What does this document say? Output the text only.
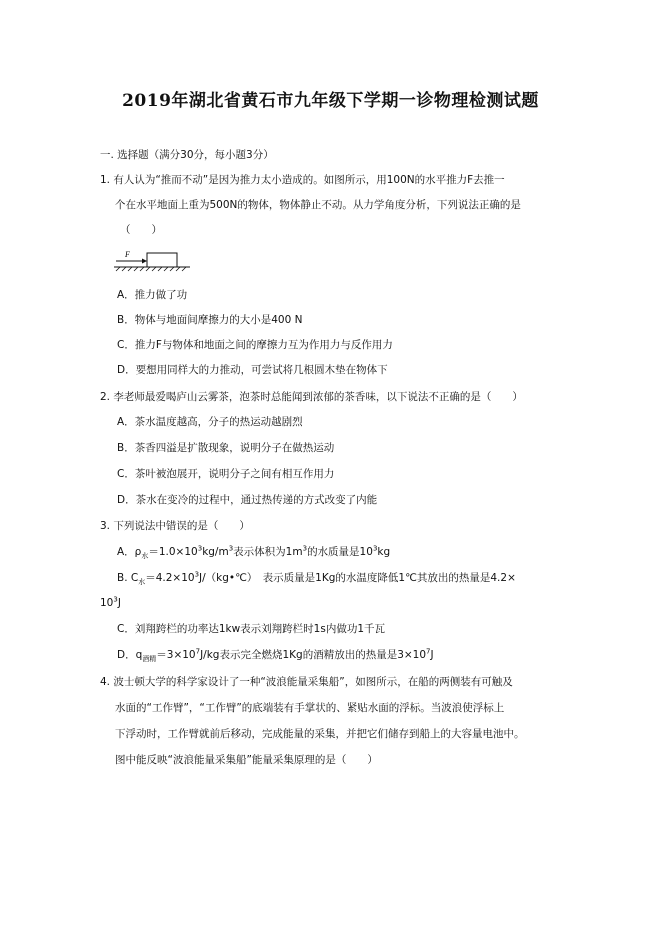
2019年湖北省黄石市九年级下学期一诊物理检测试题
一. 选择题（满分30分，每小题3分）
1. 有人认为“推而不动”是因为推力太小造成的。如图所示，用100N的水平推力F去推一
个在水平地面上重为500N的物体，物体静止不动。从力学角度分析，下列说法正确的是
（　　）
F
A．推力做了功
B．物体与地面间摩擦力的大小是400 N
C．推力F与物体和地面之间的摩擦力互为作用力与反作用力
D．要想用同样大的力推动，可尝试将几根圆木垫在物体下
2. 李老师最爱喝庐山云雾茶，泡茶时总能闻到浓郁的茶香味，以下说法不正确的是（　　）
A．茶水温度越高，分子的热运动越剧烈
B．茶香四溢是扩散现象，说明分子在做热运动
C．茶叶被泡展开，说明分子之间有相互作用力
D．茶水在变冷的过程中，通过热传递的方式改变了内能
3. 下列说法中错误的是（　　）
A．$\rho_水=1.0\times 10^3kg/m^3$表示体积为$1m^3$的水质量是$10^3kg$
B. $C_水=4.2\times 10^3J/(kg•℃)$　表示质量是1Kg的水温度降低1℃其放出的热量是4.2×
$10^3J$
C．刘翔跨栏的功率达1kw表示刘翔跨栏时1s内做功1千瓦
D．$q_{酒精}=3\times 10^7J/kg$表示完全燃烧1Kg的酒精放出的热量是$3\times 10^7J$
4. 波士顿大学的科学家设计了一种“波浪能量采集船”，如图所示，在船的两侧装有可触及
水面的“工作臂”，“工作臂”的底端装有手掌状的、紧贴水面的浮标。当波浪使浮标上
下浮动时，工作臂就前后移动，完成能量的采集，并把它们储存到船上的大容量电池中。
图中能反映“波浪能量采集船”能量采集原理的是（　　）
